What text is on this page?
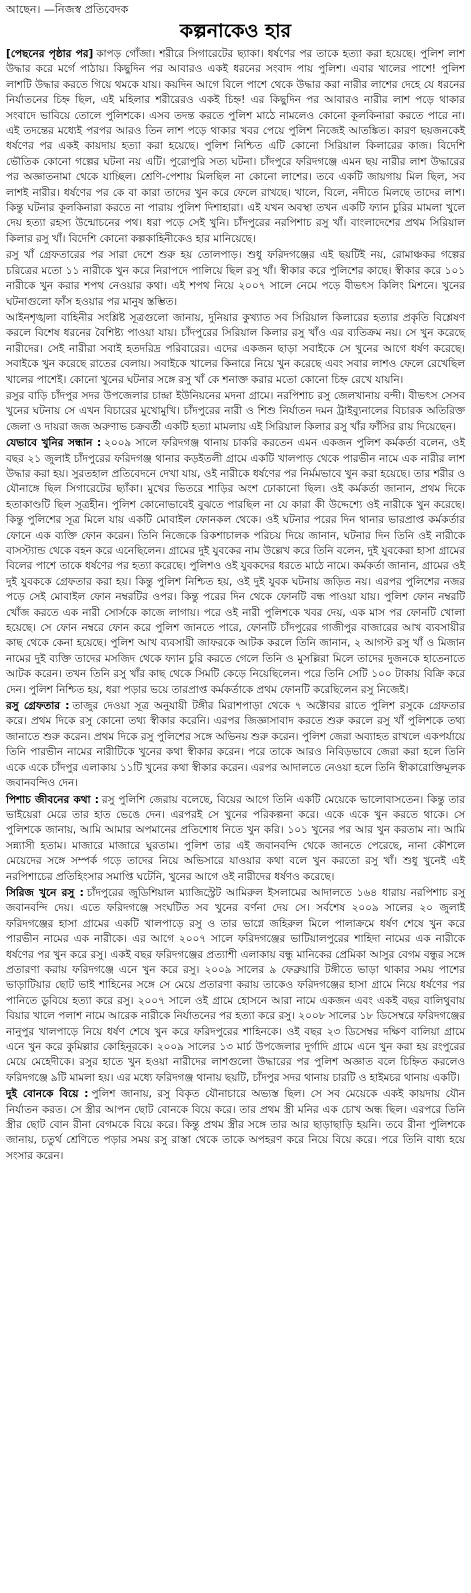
আছেন। —নিজস্ব প্রতিবেদক
কল্পনাকেও হার

[পেছনের পৃষ্ঠার পর] কাপড় গোঁজা। শরীরে সিগারেটের ছ্যাকা। ধর্ষণের পর তাকে হত্যা করা হয়েছে। পুলিশ লাশ উদ্ধার করে মর্গে পাঠায়। কিছুদিন পর আবারও একই ধরনের সংবাদ পায় পুলিশ। এবার খালের পাশে! পুলিশ লাশটি উদ্ধার করতে গিয়ে থমকে যায়। কয়দিন আগে বিলে পাশে থেকে উদ্ধার করা নারীর লাশের দেহে যে ধরনের নির্যাতনের চিহ্ন ছিল, এই মহিলার শরীরেরও একই চিহ্ন! এর কিছুদিন পর আবারও নারীর লাশ পড়ে থাকার সংবাদে ভাবিয়ে তোলে পুলিশকে। এসব তদন্ত করতে পুলিশ মাঠে নামলেও কোনো কূলকিনারা করতে পারে না। এই তদন্তের মধ্যেই পরপর আরও তিন লাশ পড়ে থাকার খবর পেয়ে পুলিশ নিজেই আতঙ্কিত। কারণ ছয়জনকেই ধর্ষণের পর একই কায়দায় হত্যা করা হয়েছে। পুলিশ নিশ্চিত এটি কোনো সিরিয়াল কিলারের কাজ। বিদেশি ভৌতিক কোনো গল্পের ঘটনা নয় এটি। পুরোপুরি সত্য ঘটনা। চাঁদপুরে ফরিদগঞ্জে এমন ছয় নারীর লাশ উদ্ধারের পর অজ্ঞাতনামা থেকে যাচ্ছিল। শ্রেণি-পেশায় মিলছিল না কোনো লাশের। তবে একটি জায়গায় মিল ছিল, সব লাশই নারীর। ধর্ষণের পর কে বা কারা তাদের খুন করে ফেলে রাখছে। খালে, বিলে, নদীতে মিলছে তাদের লাশ। কিন্তু ঘটনার কূলকিনারা করতে না পারায় পুলিশ দিশাহারা। এই যখন অবস্থা তখন একটি ফ্যান চুরির মামলা খুলে দেয় হত্যা রহস্য উন্মোচনের পথ। ধরা পড়ে সেই খুনি। চাঁদপুরের নরপিশাচ রসু খাঁ। বাংলাদেশের প্রথম সিরিয়াল কিলার রসু খাঁ। বিদেশি কোনো কল্পকাহিনীকেও হার মানিয়েছে।

রসু খাঁ গ্রেফতারের পর সারা দেশে শুরু হয় তোলপাড়। শুধু ফরিদগঞ্জের এই ছয়টিই নয়, রোমাঞ্চকর গল্পের চরিত্রের মতো ১১ নারীকে খুন করে নিরাপদে পালিয়ে ছিল রসু খাঁ। স্বীকার করে পুলিশের কাছে। স্বীকার করে ১০১ নারীকে খুন করার শপথ নেওয়ার কথা। এই শপথ নিয়ে ২০০৭ সালে নেমে পড়ে বীভৎস কিলিং মিশনে। খুনের ঘটনাগুলো ফাঁস হওয়ার পর মানুষ স্তম্ভিত।

আইনশৃঙ্খলা বাহিনীর সংশ্লিষ্ট সূত্রগুলো জানায়, দুনিয়ার কুখ্যাত সব সিরিয়াল কিলারের হত্যার প্রকৃতি বিশ্লেষণ করলে বিশেষ ধরনের বৈশিষ্ট্য পাওয়া যায়। চাঁদপুরের সিরিয়াল কিলার রসু খাঁও এর ব্যতিক্রম নয়। সে খুন করেছে নারীদের। সেই নারীরা সবাই হতদরিদ্র পরিবারের। এদের একজন ছাড়া সবাইকে সে খুনের আগে ধর্ষণ করেছে। সবাইকে খুন করেছে রাতের বেলায়। সবাইকে খালের কিনারে নিয়ে খুন করেছে এবং সবার লাশও ফেলে রেখেছিল খালের পাশেই। কোনো খুনের ঘটনার সঙ্গে রসু খাঁ কে শনাক্ত করার মতো কোনো চিহ্ন রেখে যায়নি।

রসুর বাড়ি চাঁদপুর সদর উপজেলার চান্দ্রা ইউনিয়নের মদনা গ্রামে। নরপিশাচ রসু জেলখানায় বন্দী। বীভৎস সেসব খুনের ঘটনায় সে এখন বিচারের মুখোমুখি। চাঁদপুরের নারী ও শিশু নির্যাতন দমন ট্রাইব্যুনালের বিচারক অতিরিক্ত জেলা ও দায়রা জজ অরুণাভ চক্রবর্তী একটি হত্যা মামলায় এই সিরিয়াল কিলার রসু খাঁর ফাঁসির রায় দিয়েছেন।

যেভাবে খুনির সন্ধান : ২০০৯ সালে ফরিদগঞ্জ থানায় চাকরি করতেন এমন একজন পুলিশ কর্মকর্তা বলেন, ওই বছর ২১ জুলাই চাঁদপুরের ফরিদগঞ্জ থানার কড়ইতলী গ্রামে একটি খালপাড় থেকে পারভীন নামে এক নারীর লাশ উদ্ধার করা হয়। সুরতহাল প্রতিবেদনে দেখা যায়, ওই নারীকে ধর্ষণের পর নির্মমভাবে খুন করা হয়েছে। তার শরীর ও যৌনাঙ্গে ছিল সিগারেটের ছ্যাঁকা। মুখের ভিতরে শাড়ির অংশ ঢোকানো ছিল। ওই কর্মকর্তা জানান, প্রথম দিকে হতাকাণ্ডটি ছিল সূত্রহীন। পুলিশ কোনোভাবেই বুঝতে পারছিল না যে কারা কী উদ্দেশ্যে ওই নারীকে খুন করেছে। কিন্তু পুলিশের সূত্র মিলে যায় একটি মোবাইল ফোনকল থেকে। ওই ঘটনার পরের দিন থানার ভারপ্রাপ্ত কর্মকর্তার ফোনে এক ব্যক্তি ফোন করেন। তিনি নিজেকে রিকশাচালক পরিচয় দিয়ে জানান, ঘটনার দিন তিনি ওই নারীকে বাসস্ট্যান্ড থেকে বহন করে এনেছিলেন। গ্রামের দুই যুবকের নাম উল্লেখ করে তিনি বলেন, দুই যুবকেরা হাসা গ্রামের বিলের পাশে তাকে ধর্ষণের পর হত্যা করেছে। পুলিশও ওই যুবকদের ধরতে মাঠে নামে। কর্মকর্তা জানান, গ্রামের ওই দুই যুবককে গ্রেফতার করা হয়। কিন্তু পুলিশ নিশ্চিত হয়, ওই দুই যুবক ঘটনায় জড়িত নয়। এরপর পুলিশের নজর পড়ে সেই মোবাইল ফোন নম্বরটির ওপর। কিন্তু পরের দিন থেকে ফোনটি বন্ধ পাওয়া যায়। পুলিশ ফোন নম্বরটি খোঁজ করতে এক নারী সোর্সকে কাজে লাগায়। পরে ওই নারী পুলিশকে খবর দেয়, এক মাস পর ফোনটি খোলা হয়েছে। সে ফোন নম্বরে ফোন করে পুলিশ জানতে পারে, ফোনটি চাঁদপুরের গাজীপুর বাজারের আখ ব্যবসায়ীর কাছ থেকে কেনা হয়েছে। পুলিশ আখ ব্যবসায়ী জাফরকে আটক করলে তিনি জানান, ২ আগস্ট রসু খাঁ ও মিজান নামের দুই ব্যক্তি তাদের মসজিদ থেকে ফ্যান চুরি করতে গেলে তিনি ও মুসল্লিরা মিলে তাদের দুজনকে হাতেনাতে আটক করেন। তখন তিনি রসু খাঁর কাছ থেকে সিমটি কেড়ে নিয়েছিলেন। পরে তিনি সেটি ১০০ টাকায় বিক্রি করে দেন। পুলিশ নিশ্চিত হয়, ধরা পড়ার ভয়ে তারপ্রাপ্ত কর্মকর্তাকে প্রথম ফোনটি করেছিলেন রসু নিজেই।

রসু গ্রেফতার : তাজুর দেওয়া সূত্র অনুযায়ী টঙ্গীর মিরাশপাড়া থেকে ৭ অক্টোবর রাতে পুলিশ রসুকে গ্রেফতার করে। প্রথম দিকে রসু কোনো তথ্য স্বীকার করেনি। এরপর জিজ্ঞাসাবাদ করতে শুরু করলে রসু খাঁ পুলিশকে তথ্য জানাতে শুরু করেন। প্রথম দিকে রসু পুলিশের সঙ্গে অভিনয় শুরু করেন। পুলিশ জেরা অব্যাহত রাখলে একপর্যায়ে তিনি পারভীন নামের নারীটিকে খুনের কথা স্বীকার করেন। পরে তাকে আরও নিবিড়ভাবে জেরা করা হলে তিনি একে একে চাঁদপুর এলাকায় ১১টি খুনের কথা স্বীকার করেন। এরপর আদালতে নেওয়া হলে তিনি স্বীকারোক্তিমূলক জবানবন্দিও দেন।

পিশাচ জীবনের কথা : রসু পুলিশি জেরায় বলেছে, বিয়ের আগে তিনি একটি মেয়েকে ভালোবাসতেন। কিন্তু তার ভাইয়েরা মেরে তার হাত ভেঙে দেন। এরপরই সে খুনের পরিকল্পনা করে। একে একে খুন করতে থাকে। সে পুলিশকে জানায়, আমি আমার অপমানের প্রতিশোধ নিতে খুন করি। ১০১ খুনের পর আর খুন করতাম না। আমি সন্ন্যাসী হতাম। মাজারে মাজারে ঘুরতাম। পুলিশ তার এই জবানবন্দি থেকে জানতে পেরেছে, নানা কৌশলে মেয়েদের সঙ্গে সম্পর্ক গড়ে তাদের নিয়ে অভিসারে যাওয়ার কথা বলে খুন করতো রসু খাঁ। শুধু খুনেই এই নরপিশাচের প্রতিহিংসার সমাপ্তি ঘটেনি, খুনের আগে ওই নারীদের ধর্ষণও করেছে।

সিরিজ খুনে রসু : চাঁদপুরের জুডিশিয়াল ম্যাজিস্ট্রেট আমিরুল ইসলামের আদালতে ১৬৪ ধারায় নরপিশাচ রসু জবানবন্দি দেয়। এতে ফরিদগঞ্জে সংঘটিত সব খুনের বর্ণনা দেয় সে। সর্বশেষ ২০০৯ সালের ২০ জুলাই ফরিদগঞ্জের হাসা গ্রামের একটি খালপাড়ে রসু ও তার ভাগ্নে জহিরুল মিলে পালাক্রমে ধর্ষণ শেষে খুন করে পারভীন নামের এক নারীকে। এর আগে ২০০৭ সালে ফরিদগঞ্জের ভাটিয়ালপুরের শাহিদা নামের এক নারীকে ধর্ষণের পর খুন করে রসু। একই বছর ফরিদগঞ্জের প্রত্যাশী এলাকায় বন্ধু মানিকের প্রেমিকা আসুর বেগম বন্ধুর সঙ্গে প্রতারণা করায় ফরিদগঞ্জে এনে খুন করে রসু। ২০০৯ সালের ৯ ফেব্রুয়ারি টঙ্গীতে ভাড়া থাকার সময় পাশের ভাড়াটিয়ার ছোট ভাই শাহিনের সঙ্গে সে মেয়ে প্রতারণা করায় তাকেও ফরিদগঞ্জের হাসা গ্রামে নিয়ে ধর্ষণের পর পানিতে ডুবিয়ে হত্যা করে রসু। ২০০৭ সালে ওই গ্রামে হোসনে আরা নামে একজন এবং একই বছর বালিথুবায় বিয়ার খালে পলাশ নামে আরেক নারীকে নির্যাতনের পর হত্যা করে রসু। ২০০৮ সালের ১৮ ডিসেম্বরে ফরিদগঞ্জের নানুপুর খালপাড়ে নিয়ে ধর্ষণ শেষে খুন করে ফরিদপুরের শাহিনকে। ওই বছর ২৩ ডিসেম্বর দক্ষিণ বালিয়া গ্রামে এনে খুন করে কুমিল্লার কোহিনূরকে। ২০০৯ সালের ১৩ মার্চ উপজেলার দুর্গাদি গ্রামে এনে খুন করা হয় রংপুরের মেয়ে মেহেদীকে। রসুর হাতে খুন হওয়া নারীদের লাশগুলো উদ্ধারের পর পুলিশ অজ্ঞাত বলে চিহ্নিত করলেও ফরিদগঞ্জে ৯টি মামলা হয়। এর মধ্যে ফরিদগঞ্জ থানায় ছয়টি, চাঁদপুর সদর থানায় চারটি ও হাইমচর থানায় একটি।

দুই বোনকে বিয়ে : পুলিশ জানায়, রসু বিকৃত যৌনাচারে অভ্যস্ত ছিল। সে সব মেয়েকে একই কায়দায় যৌন নির্যাতন করত। সে স্ত্রীর আপন ছোট বোনকে বিয়ে করে। তার প্রথম স্ত্রী মনির এক চোখ অন্ধ ছিল। এরপরে তিনি স্ত্রীর ছোট বোন রীনা বেগমকে বিয়ে করে। কিন্তু প্রথম স্ত্রীর সঙ্গে তার আর ছাড়াছাড়ি হয়নি। তবে রীনা পুলিশকে জানায়, চতুর্থ শ্রেণিতে পড়ার সময় রসু রাস্তা থেকে তাকে অপহরণ করে নিয়ে বিয়ে করে। পরে তিনি বাধ্য হয়ে সংসার করেন।
